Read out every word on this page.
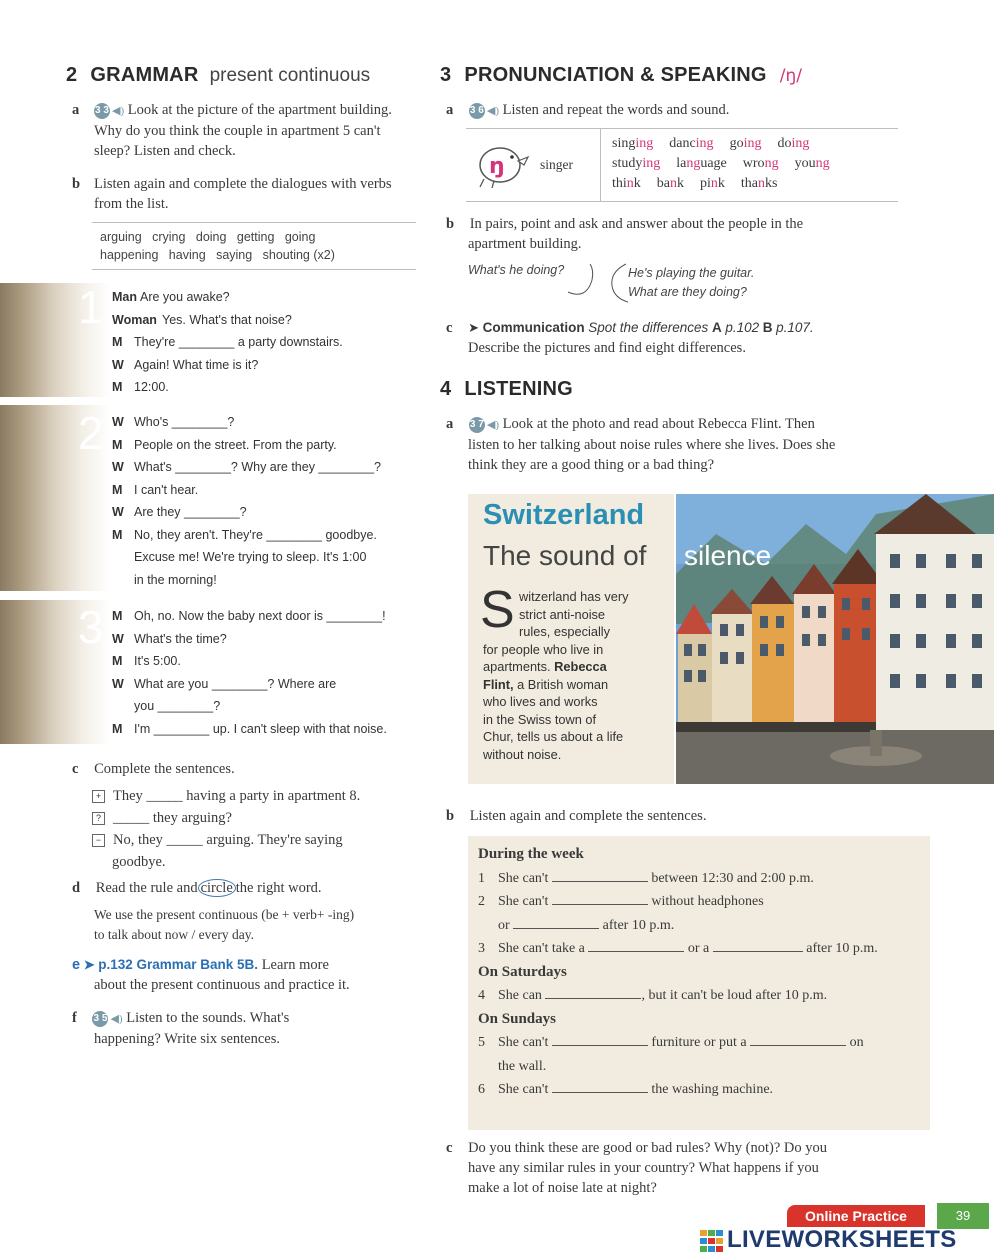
2 GRAMMAR present continuous
a 3 3 ◀) Look at the picture of the apartment building. Why do you think the couple in apartment 5 can't sleep? Listen and check.
b Listen again and complete the dialogues with verbs from the list.
arguing   crying   doing   getting   going
happening   having   saying   shouting (x2)
1 Man Are you awake?
Woman Yes. What's that noise?
M They're ________ a party downstairs.
W Again! What time is it?
M 12:00.
2 W Who's ________?
M People on the street. From the party.
W What's ________? Why are they ________?
M I can't hear.
W Are they ________?
M No, they aren't. They're ________ goodbye.
Excuse me! We're trying to sleep. It's 1:00
in the morning!
3 M Oh, no. Now the baby next door is ________!
W What's the time?
M It's 5:00.
W What are you ________? Where are
you ________?
M I'm ________ up. I can't sleep with that noise.
c Complete the sentences.
+ They _____ having a party in apartment 8.
? _____ they arguing?
− No, they _____ arguing. They're saying
goodbye.
d Read the rule and circle the right word.
We use the present continuous (be + verb+ -ing)
to talk about now / every day.
e ➤ p.132 Grammar Bank 5B. Learn more
about the present continuous and practice it.
f 3 5 ◀) Listen to the sounds. What's
happening? Write six sentences.
3 PRONUNCIATION & SPEAKING /ŋ/
a 3 6 ◀) Listen and repeat the words and sound.
ŋ	singer
singing dancing going doing
studying language wrong young
think bank pink thanks
b In pairs, point and ask and answer about the people in the
apartment building.
What's he doing?	He's playing the guitar.
What are they doing?
c ➤ Communication Spot the differences A p.102 B p.107.
Describe the pictures and find eight differences.
4 LISTENING
a 3 7 ◀) Look at the photo and read about Rebecca Flint. Then
listen to her talking about noise rules where she lives. Does she
think they are a good thing or a bad thing?
Switzerland
The sound of silence
S witzerland has very
strict anti-noise
rules, especially
for people who live in
apartments. Rebecca
Flint, a British woman
who lives and works
in the Swiss town of
Chur, tells us about a life
without noise.
b Listen again and complete the sentences.
During the week
1 She can't	between 12:30 and 2:00 p.m.
2 She can't	without headphones
or	after 10 p.m.
3 She can't take a	or a	after 10 p.m.
On Saturdays
4 She can	, but it can't be loud after 10 p.m.
On Sundays
5 She can't	furniture or put a	on
the wall.
6 She can't	the washing machine.
c Do you think these are good or bad rules? Why (not)? Do you
have any similar rules in your country? What happens if you
make a lot of noise late at night?
Online Practice	39
LIVEWORKSHEETS
